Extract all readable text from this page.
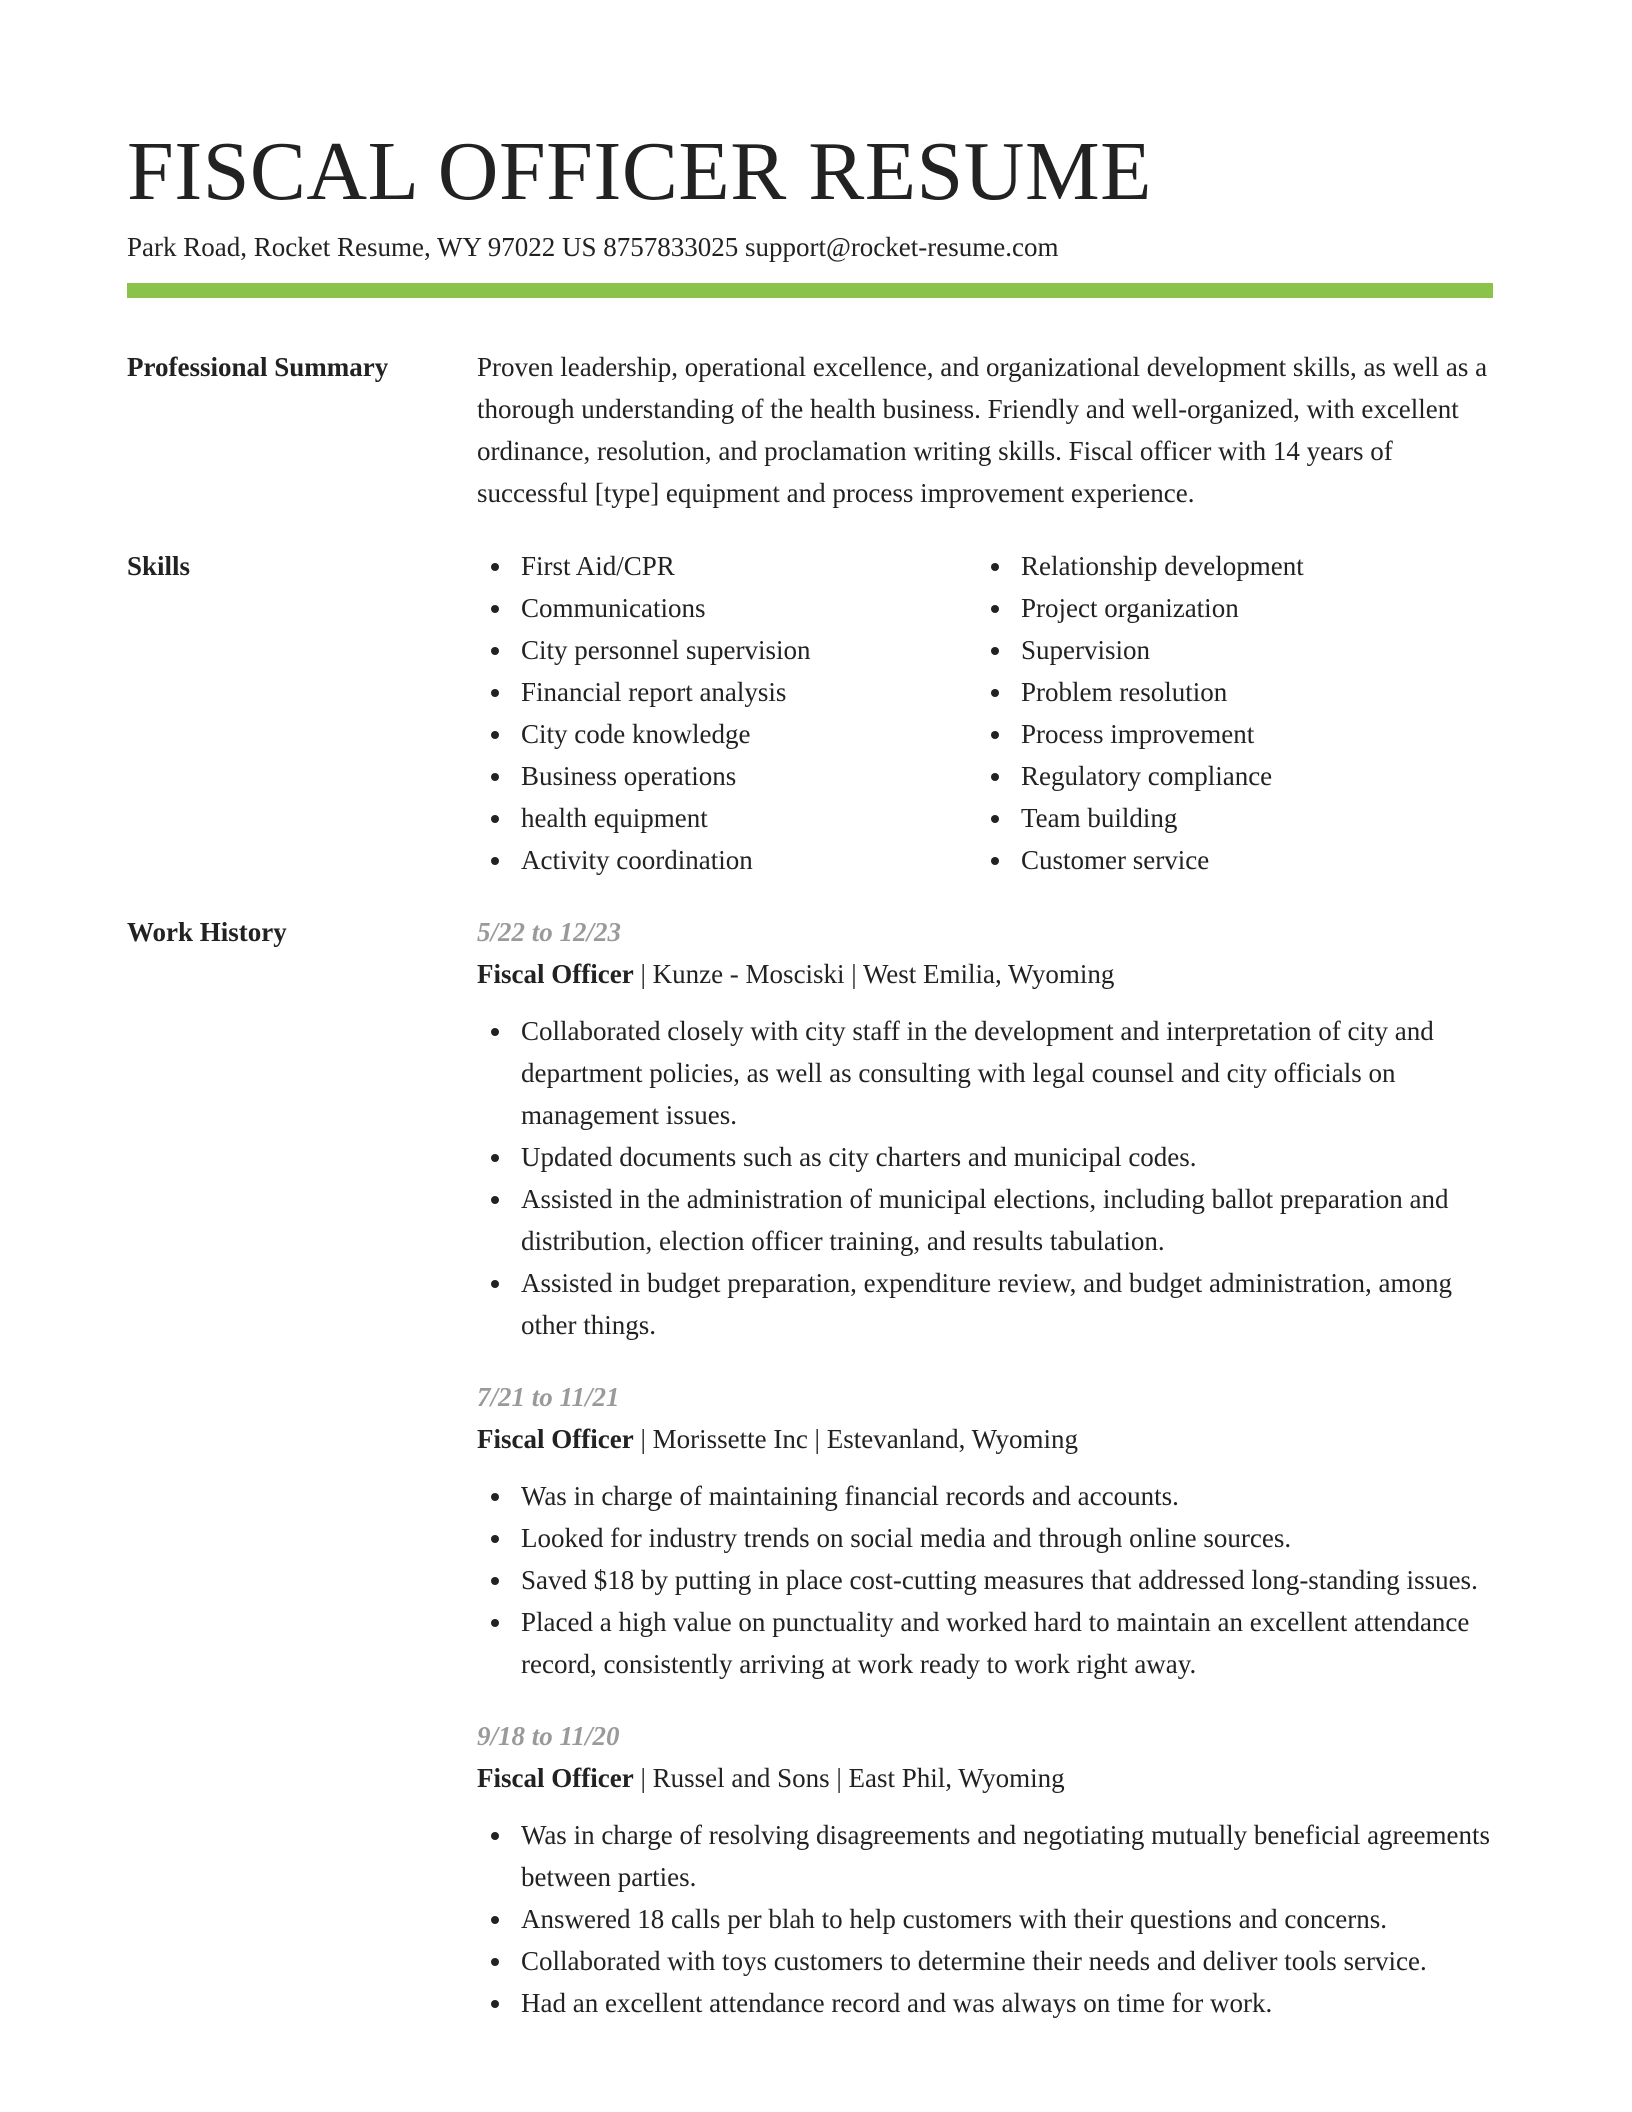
FISCAL OFFICER RESUME
Park Road, Rocket Resume, WY 97022 US 8757833025 support@rocket-resume.com
Professional Summary	Proven leadership, operational excellence, and organizational development skills, as well as a thorough understanding of the health business. Friendly and well-organized, with excellent ordinance, resolution, and proclamation writing skills. Fiscal officer with 14 years of successful [type] equipment and process improvement experience.

Skills	First Aid/CPR
Communications
City personnel supervision
Financial report analysis
City code knowledge
Business operations
health equipment
Activity coordination
Relationship development
Project organization
Supervision
Problem resolution
Process improvement
Regulatory compliance
Team building
Customer service
Work History	5/22 to 12/23
Fiscal Officer | Kunze - Mosciski | West Emilia, Wyoming
Collaborated closely with city staff in the development and interpretation of city and department policies, as well as consulting with legal counsel and city officials on management issues.
Updated documents such as city charters and municipal codes.
Assisted in the administration of municipal elections, including ballot preparation and distribution, election officer training, and results tabulation.
Assisted in budget preparation, expenditure review, and budget administration, among other things.
7/21 to 11/21
Fiscal Officer | Morissette Inc | Estevanland, Wyoming
Was in charge of maintaining financial records and accounts.
Looked for industry trends on social media and through online sources.
Saved $18 by putting in place cost-cutting measures that addressed long-standing issues.
Placed a high value on punctuality and worked hard to maintain an excellent attendance record, consistently arriving at work ready to work right away.
9/18 to 11/20
Fiscal Officer | Russel and Sons | East Phil, Wyoming
Was in charge of resolving disagreements and negotiating mutually beneficial agreements between parties.
Answered 18 calls per blah to help customers with their questions and concerns.
Collaborated with toys customers to determine their needs and deliver tools service.
Had an excellent attendance record and was always on time for work.
